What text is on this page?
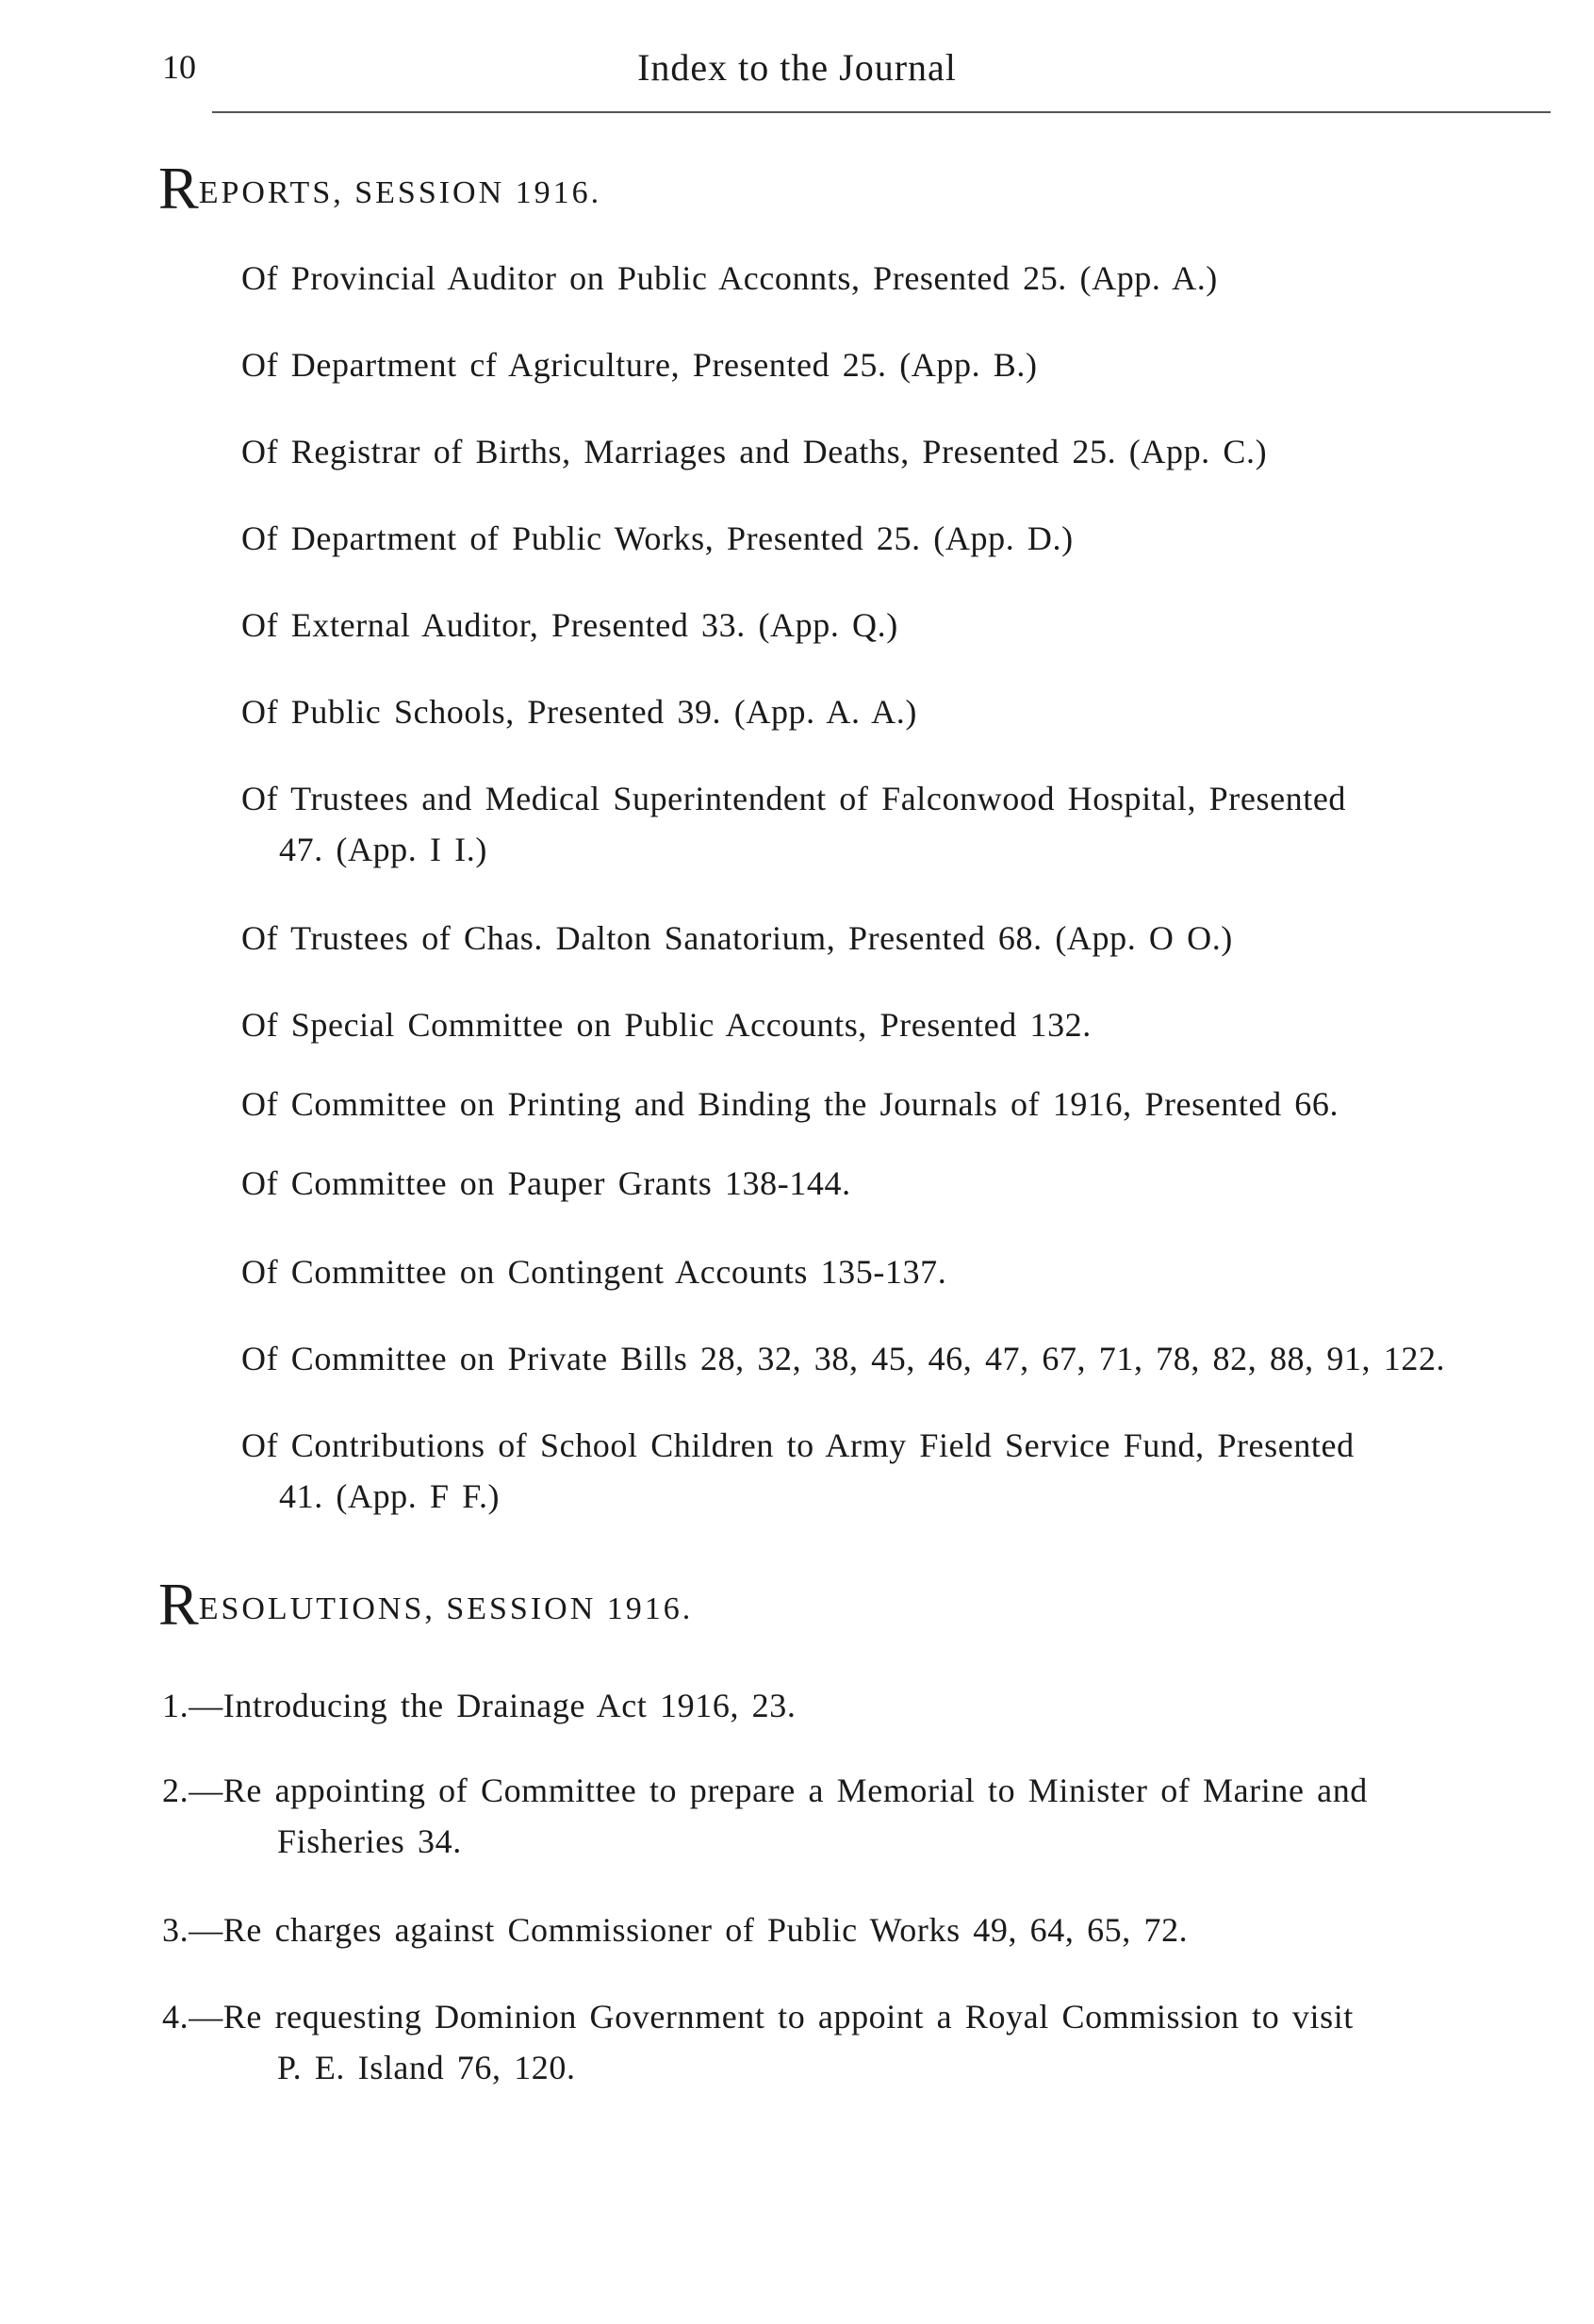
10	Index to the Journal
REPORTS, SESSION 1916.
Of Provincial Auditor on Public Acconnts, Presented 25. (App. A.)
Of Department cf Agriculture, Presented 25. (App. B.)
Of Registrar of Births, Marriages and Deaths, Presented 25. (App. C.)
Of Department of Public Works, Presented 25. (App. D.)
Of External Auditor, Presented 33. (App. Q.)
Of Public Schools, Presented 39. (App. A. A.)
Of Trustees and Medical Superintendent of Falconwood Hospital, Presented
47. (App. I I.)
Of Trustees of Chas. Dalton Sanatorium, Presented 68. (App. O O.)
Of Special Committee on Public Accounts, Presented 132.
Of Committee on Printing and Binding the Journals of 1916, Presented 66.
Of Committee on Pauper Grants 138-144.
Of Committee on Contingent Accounts 135-137.
Of Committee on Private Bills 28, 32, 38, 45, 46, 47, 67, 71, 78, 82, 88, 91, 122.
Of Contributions of School Children to Army Field Service Fund, Presented
41. (App. F F.)
RESOLUTIONS, SESSION 1916.
1.—Introducing the Drainage Act 1916, 23.
2.—Re appointing of Committee to prepare a Memorial to Minister of Marine and
Fisheries 34.
3.—Re charges against Commissioner of Public Works 49, 64, 65, 72.
4.—Re requesting Dominion Government to appoint a Royal Commission to visit
P. E. Island 76, 120.
